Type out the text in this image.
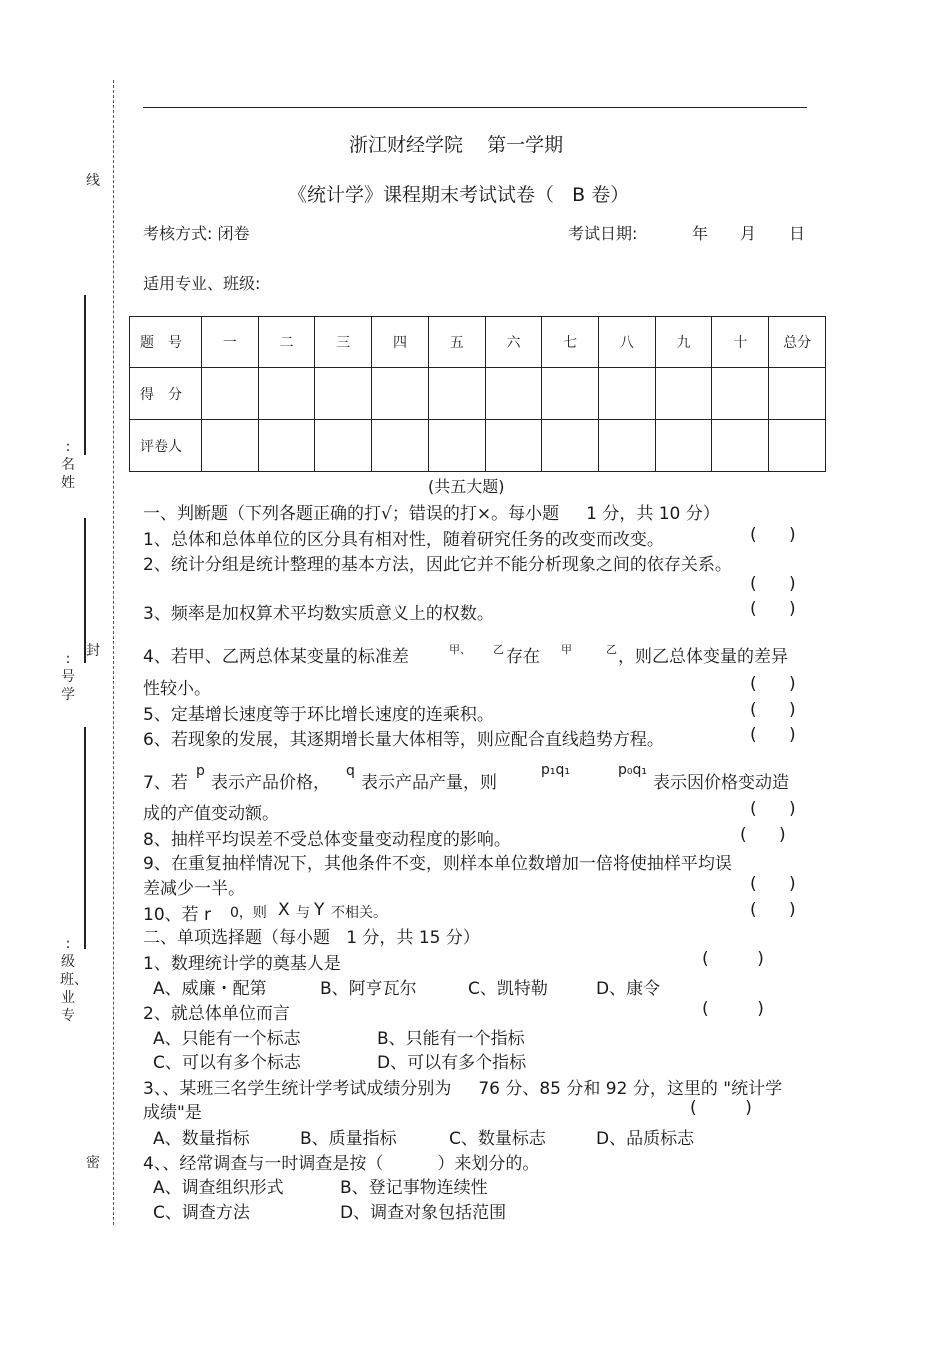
线
封
密
:名姓
:号学
:级班、业专
浙江财经学院    第一学期
《统计学》课程期末考试试卷（   B 卷）
考核方式: 闭卷	考试日期:	年 月 日
适用专业、班级:
题　号	一	二	三	四	五	六	七	八	九	十	总分
得　分											
评卷人											
(共五大题)
一、判断题（下列各题正确的打√；错误的打×。每小题     1 分，共 10 分）
1、总体和总体单位的区分具有相对性，随着研究任务的改变而改变。	(      )
2、统计分组是统计整理的基本方法，因此它并不能分析现象之间的依存关系。
(      )
3、频率是加权算术平均数实质意义上的权数。	(      )
4、若甲、乙两总体某变量的标准差	甲、 乙 存在 甲	乙 ，则乙总体变量的差异
性较小。	(      )
5、定基增长速度等于环比增长速度的连乘积。	(      )
6、若现象的发展，其逐期增长量大体相等，则应配合直线趋势方程。	(      )
7、若
p
表示产品价格，
q
表示产品产量，则
p₁q₁	p₀q₁
表示因价格变动造
成的产值变动额。	(      )
8、抽样平均误差不受总体变量变动程度的影响。	(      )
9、在重复抽样情况下，其他条件不变，则样本单位数增加一倍将使抽样平均误
差减少一半。	(      )
10、若 r 0，则 X 与 Y 不相关。	(      )
二、单项选择题（每小题   1 分，共 15 分）
1、数理统计学的奠基人是	(         )
A、威廉・配第	B、阿亨瓦尔	C、凯特勒	D、康令
2、就总体单位而言	(         )
A、只能有一个标志	B、只能有一个指标
C、可以有多个标志	D、可以有多个指标
3、、某班三名学生统计学考试成绩分别为     76 分、85 分和 92 分，这里的 "统计学
成绩"是	(         )
A、数量指标	B、质量指标	C、数量标志	D、品质标志
4、、经常调查与一时调查是按（          ）来划分的。
A、调查组织形式	B、登记事物连续性
C、调查方法	D、调查对象包括范围
